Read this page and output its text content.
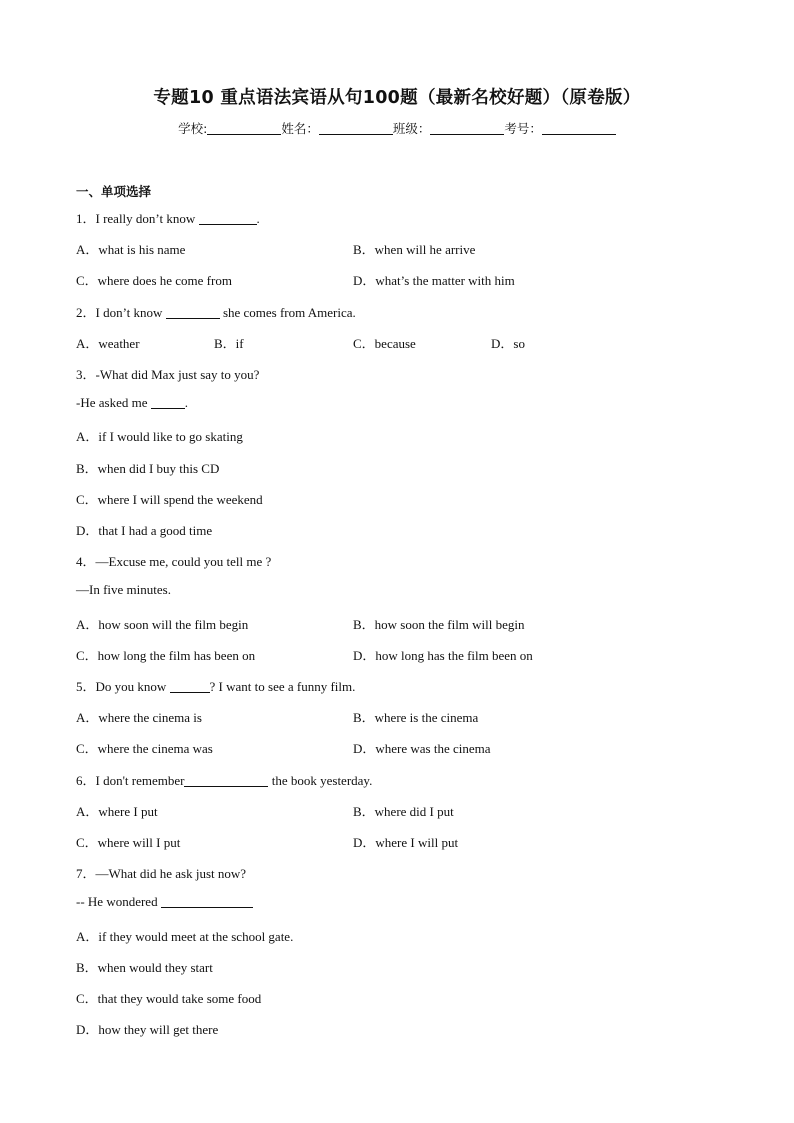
专题10 重点语法宾语从句100题（最新名校好题）（原卷版）
学校:	姓名：	班级：	考号：
一、单项选择
1．I really don’t know	.
A．what is his name	B．when will he arrive
C．where does he come from	D．what’s the matter with him
2．I don’t know	she comes from America.
A．weather	B．if	C．because	D．so
3．-What did Max just say to you?
-He asked me	.
A．if I would like to go skating
B．when did I buy this CD
C．where I will spend the weekend
D．that I had a good time
4．—Excuse me, could you tell me ?
—In five minutes.
A．how soon will the film begin	B．how soon the film will begin
C．how long the film has been on	D．how long has the film been on
5．Do you know	? I want to see a funny film.
A．where the cinema is	B．where is the cinema
C．where the cinema was	D．where was the cinema
6．I don't remember	the book yesterday.
A．where I put	B．where did I put
C．where will I put	D．where I will put
7．—What did he ask just now?
-- He wondered
A．if they would meet at the school gate.
B．when would they start
C．that they would take some food
D．how they will get there
